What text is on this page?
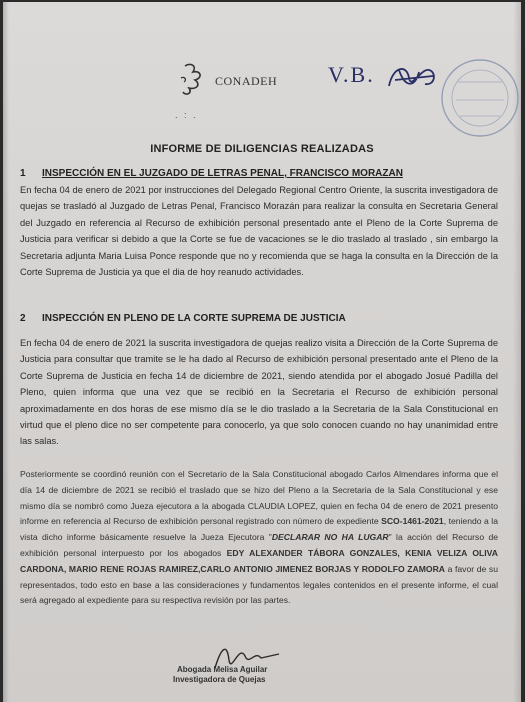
CONADEH
. : .
V.B.
INFORME DE DILIGENCIAS REALIZADAS
1 INSPECCIÓN EN EL JUZGADO DE LETRAS PENAL, FRANCISCO MORAZAN
En fecha 04 de enero de 2021 por instrucciones del Delegado Regional Centro Oriente, la suscrita investigadora de quejas se trasladó al Juzgado de Letras Penal, Francisco Morazán para realizar la consulta en Secretaria General del Juzgado en referencia al Recurso de exhibición personal presentado ante el Pleno de la Corte Suprema de Justicia para verificar si debido a que la Corte se fue de vacaciones se le dio traslado al traslado , sin embargo la Secretaria adjunta Maria Luisa Ponce responde que no y recomienda que se haga la consulta en la Dirección de la Corte Suprema de Justicia ya que el dia de hoy reanudo actividades.
2 INSPECCIÓN EN PLENO DE LA CORTE SUPREMA DE JUSTICIA
En fecha 04 de enero de 2021 la suscrita investigadora de quejas realizo visita a Dirección de la Corte Suprema de Justicia para consultar que tramite se le ha dado al Recurso de exhibición personal presentado ante el Pleno de la Corte Suprema de Justicia en fecha 14 de diciembre de 2021, siendo atendida por el abogado Josué Padilla del Pleno, quien informa que una vez que se recibió en la Secretaria el Recurso de exhibición personal aproximadamente en dos horas de ese mismo día se le dio traslado a la Secretaria de la Sala Constitucional en virtud que el pleno dice no ser competente para conocerlo, ya que solo conocen cuando no hay unanimidad entre las salas.
Posteriormente se coordinó reunión con el Secretario de la Sala Constitucional abogado Carlos Almendares informa que el día 14 de diciembre de 2021 se recibió el traslado que se hizo del Pleno a la Secretaria de la Sala Constitucional y ese mismo día se nombró como Jueza ejecutora a la abogada CLAUDIA LOPEZ, quien en fecha 04 de enero de 2021 presento informe en referencia al Recurso de exhibición personal registrado con número de expediente SCO-1461-2021, teniendo a la vista dicho informe básicamente resuelve la Jueza Ejecutora "DECLARAR NO HA LUGAR" la acción del Recurso de exhibición personal interpuesto por los abogados EDY ALEXANDER TÁBORA GONZALES, KENIA VELIZA OLIVA CARDONA, MARIO RENE ROJAS RAMIREZ,CARLO ANTONIO JIMENEZ BORJAS Y RODOLFO ZAMORA a favor de su representados, todo esto en base a las consideraciones y fundamentos legales contenidos en el presente informe, el cual será agregado al expediente para su respectiva revisión por las partes.
Abogada Melisa Aguilar
Investigadora de Quejas
